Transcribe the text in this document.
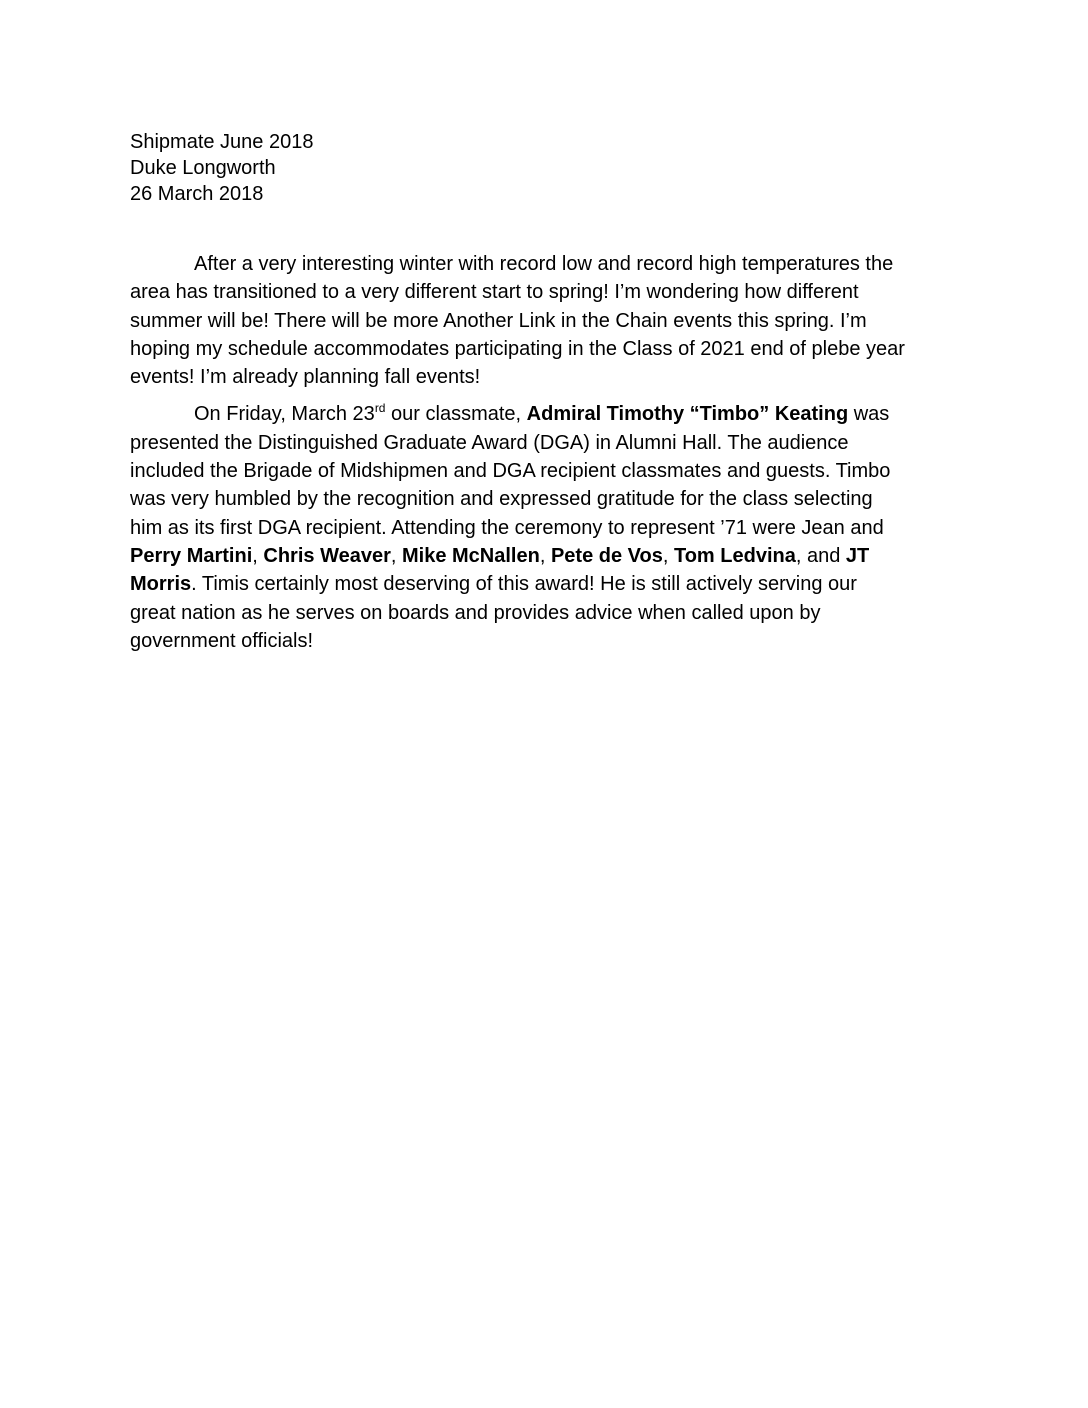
Shipmate June 2018
Duke Longworth
26 March 2018
After a very interesting winter with record low and record high temperatures the
area has transitioned to a very different start to spring! I’m wondering how different
summer will be! There will be more Another Link in the Chain events this spring. I’m
hoping my schedule accommodates participating in the Class of 2021 end of plebe year
events! I’m already planning fall events!
On Friday, March 23rd our classmate, Admiral Timothy “Timbo” Keating was
presented the Distinguished Graduate Award (DGA) in Alumni Hall. The audience
included the Brigade of Midshipmen and DGA recipient classmates and guests. Timbo
was very humbled by the recognition and expressed gratitude for the class selecting
him as its first DGA recipient. Attending the ceremony to represent ’71 were Jean and
Perry Martini, Chris Weaver, Mike McNallen, Pete de Vos, Tom Ledvina, and JT
Morris. Timis certainly most deserving of this award! He is still actively serving our
great nation as he serves on boards and provides advice when called upon by
government officials!
